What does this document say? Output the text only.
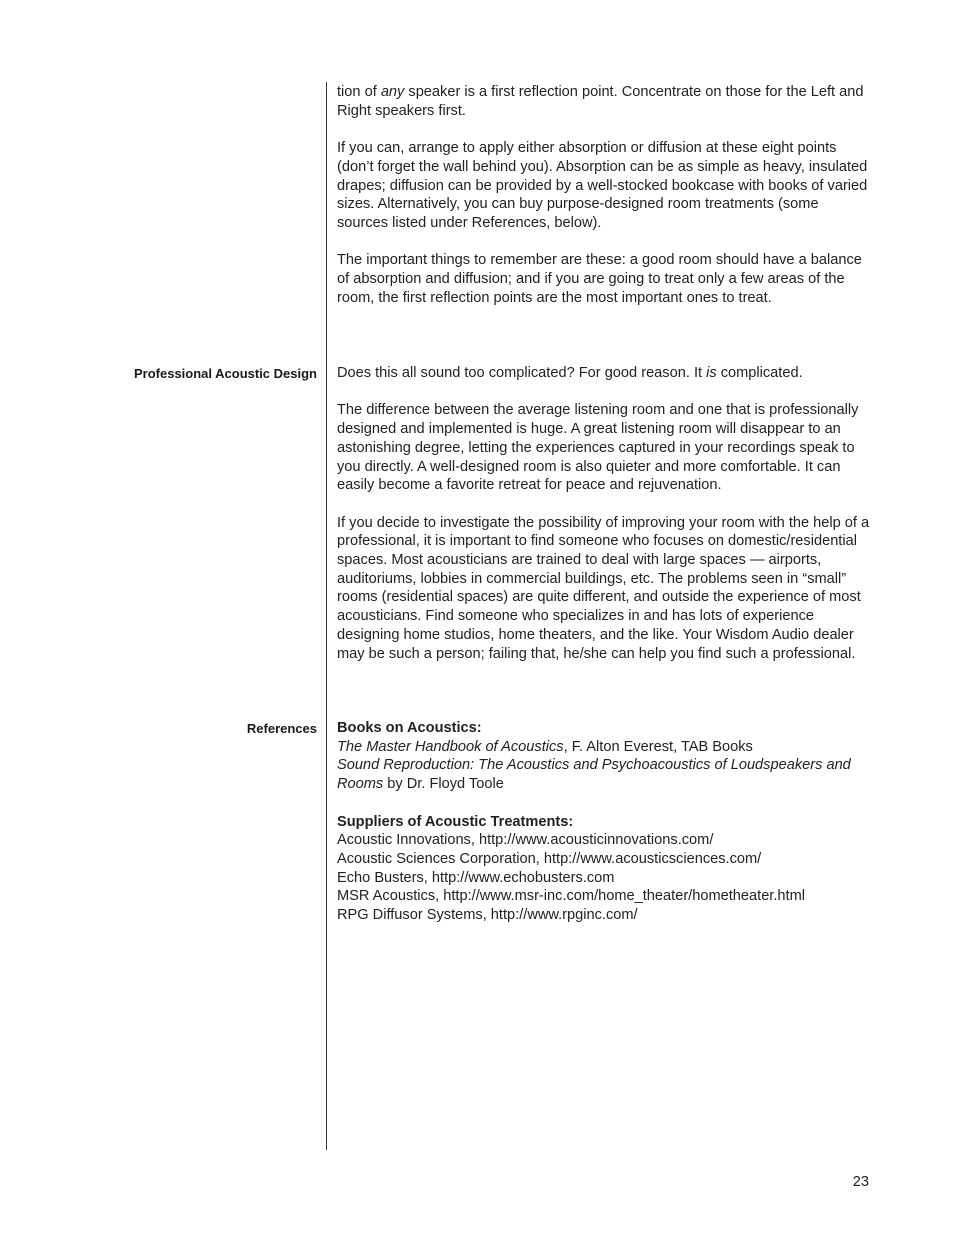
tion of any speaker is a first reflection point. Concentrate on those for the Left and Right speakers first.

If you can, arrange to apply either absorption or diffusion at these eight points (don’t forget the wall behind you). Absorption can be as simple as heavy, insulated drapes; diffusion can be provided by a well-stocked bookcase with books of varied sizes. Alternatively, you can buy purpose-designed room treatments (some sources listed under References, below).

The important things to remember are these: a good room should have a balance of absorption and diffusion; and if you are going to treat only a few areas of the room, the first reflection points are the most important ones to treat.

Professional Acoustic Design Does this all sound too complicated? For good reason. It is complicated.

The difference between the average listening room and one that is professionally designed and implemented is huge. A great listening room will disappear to an astonishing degree, letting the experiences captured in your recordings speak to you directly. A well-designed room is also quieter and more comfortable. It can easily become a favorite retreat for peace and rejuvenation.

If you decide to investigate the possibility of improving your room with the help of a professional, it is important to find someone who focuses on domestic/residential spaces. Most acousticians are trained to deal with large spaces — airports, auditoriums, lobbies in commercial buildings, etc. The problems seen in “small” rooms (residential spaces) are quite different, and outside the experience of most acousticians. Find someone who specializes in and has lots of experience designing home studios, home theaters, and the like. Your Wisdom Audio dealer may be such a person; failing that, he/she can help you find such a professional.

References Books on Acoustics:
The Master Handbook of Acoustics, F. Alton Everest, TAB Books
Sound Reproduction: The Acoustics and Psychoacoustics of Loudspeakers and Rooms by Dr. Floyd Toole
Suppliers of Acoustic Treatments:
Acoustic Innovations, http://www.acousticinnovations.com/
Acoustic Sciences Corporation, http://www.acousticsciences.com/
Echo Busters, http://www.echobusters.com
MSR Acoustics, http://www.msr-inc.com/home_theater/hometheater.html
RPG Diffusor Systems, http://www.rpginc.com/
23
